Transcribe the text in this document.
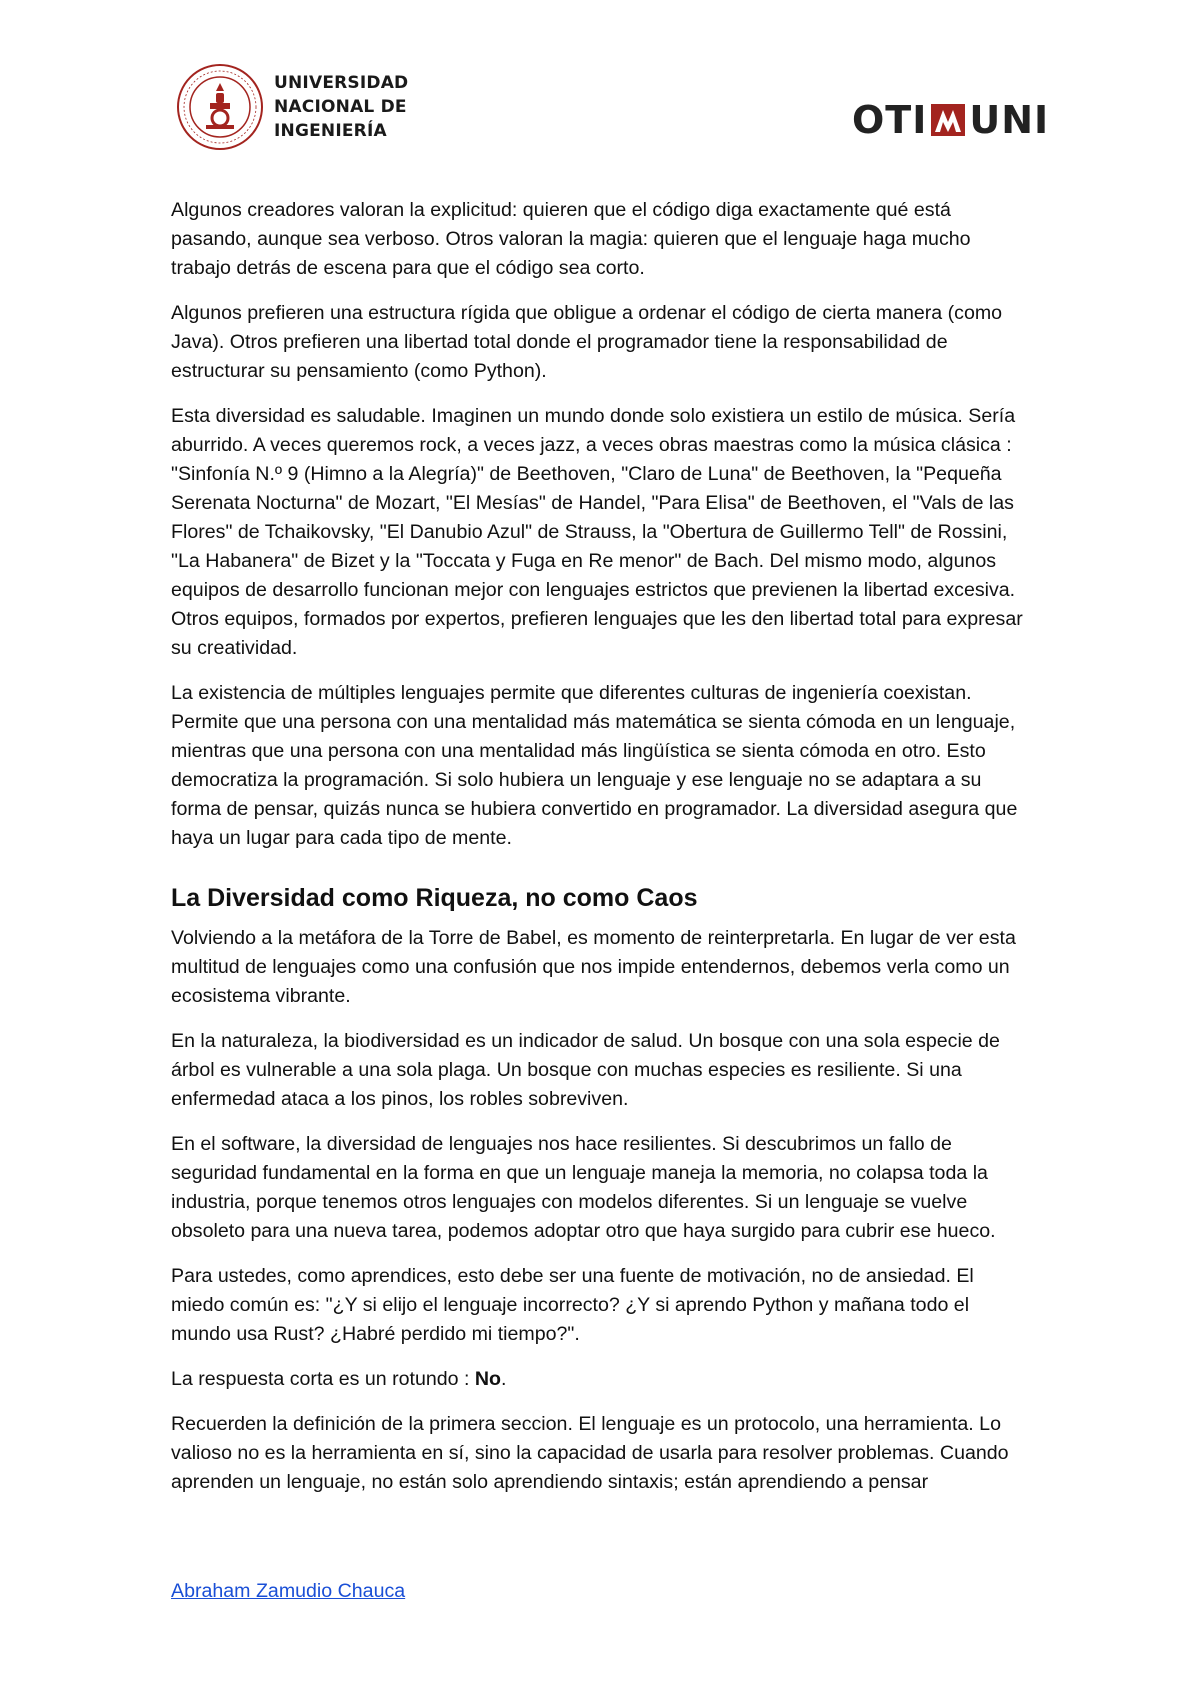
UNIVERSIDAD
NACIONAL DE
INGENIERÍA	OTI UNI

Algunos creadores valoran la explicitud: quieren que el código diga exactamente qué está pasando, aunque sea verboso. Otros valoran la magia: quieren que el lenguaje haga mucho trabajo detrás de escena para que el código sea corto.

Algunos prefieren una estructura rígida que obligue a ordenar el código de cierta manera (como Java). Otros prefieren una libertad total donde el programador tiene la responsabilidad de estructurar su pensamiento (como Python).

Esta diversidad es saludable. Imaginen un mundo donde solo existiera un estilo de música. Sería aburrido. A veces queremos rock, a veces jazz, a veces obras maestras como la música clásica : "Sinfonía N.º 9 (Himno a la Alegría)" de Beethoven, "Claro de Luna" de Beethoven, la "Pequeña Serenata Nocturna" de Mozart, "El Mesías" de Handel, "Para Elisa" de Beethoven, el "Vals de las Flores" de Tchaikovsky, "El Danubio Azul" de Strauss, la "Obertura de Guillermo Tell" de Rossini, "La Habanera" de Bizet y la "Toccata y Fuga en Re menor" de Bach. Del mismo modo, algunos equipos de desarrollo funcionan mejor con lenguajes estrictos que previenen la libertad excesiva. Otros equipos, formados por expertos, prefieren lenguajes que les den libertad total para expresar su creatividad.

La existencia de múltiples lenguajes permite que diferentes culturas de ingeniería coexistan. Permite que una persona con una mentalidad más matemática se sienta cómoda en un lenguaje, mientras que una persona con una mentalidad más lingüística se sienta cómoda en otro. Esto democratiza la programación. Si solo hubiera un lenguaje y ese lenguaje no se adaptara a su forma de pensar, quizás nunca se hubiera convertido en programador. La diversidad asegura que haya un lugar para cada tipo de mente.

La Diversidad como Riqueza, no como Caos

Volviendo a la metáfora de la Torre de Babel, es momento de reinterpretarla. En lugar de ver esta multitud de lenguajes como una confusión que nos impide entendernos, debemos verla como un ecosistema vibrante.

En la naturaleza, la biodiversidad es un indicador de salud. Un bosque con una sola especie de árbol es vulnerable a una sola plaga. Un bosque con muchas especies es resiliente. Si una enfermedad ataca a los pinos, los robles sobreviven.

En el software, la diversidad de lenguajes nos hace resilientes. Si descubrimos un fallo de seguridad fundamental en la forma en que un lenguaje maneja la memoria, no colapsa toda la industria, porque tenemos otros lenguajes con modelos diferentes. Si un lenguaje se vuelve obsoleto para una nueva tarea, podemos adoptar otro que haya surgido para cubrir ese hueco.

Para ustedes, como aprendices, esto debe ser una fuente de motivación, no de ansiedad. El miedo común es: "¿Y si elijo el lenguaje incorrecto? ¿Y si aprendo Python y mañana todo el mundo usa Rust? ¿Habré perdido mi tiempo?".

La respuesta corta es un rotundo : No.

Recuerden la definición de la primera seccion. El lenguaje es un protocolo, una herramienta. Lo valioso no es la herramienta en sí, sino la capacidad de usarla para resolver problemas. Cuando aprenden un lenguaje, no están solo aprendiendo sintaxis; están aprendiendo a pensar

Abraham Zamudio Chauca
